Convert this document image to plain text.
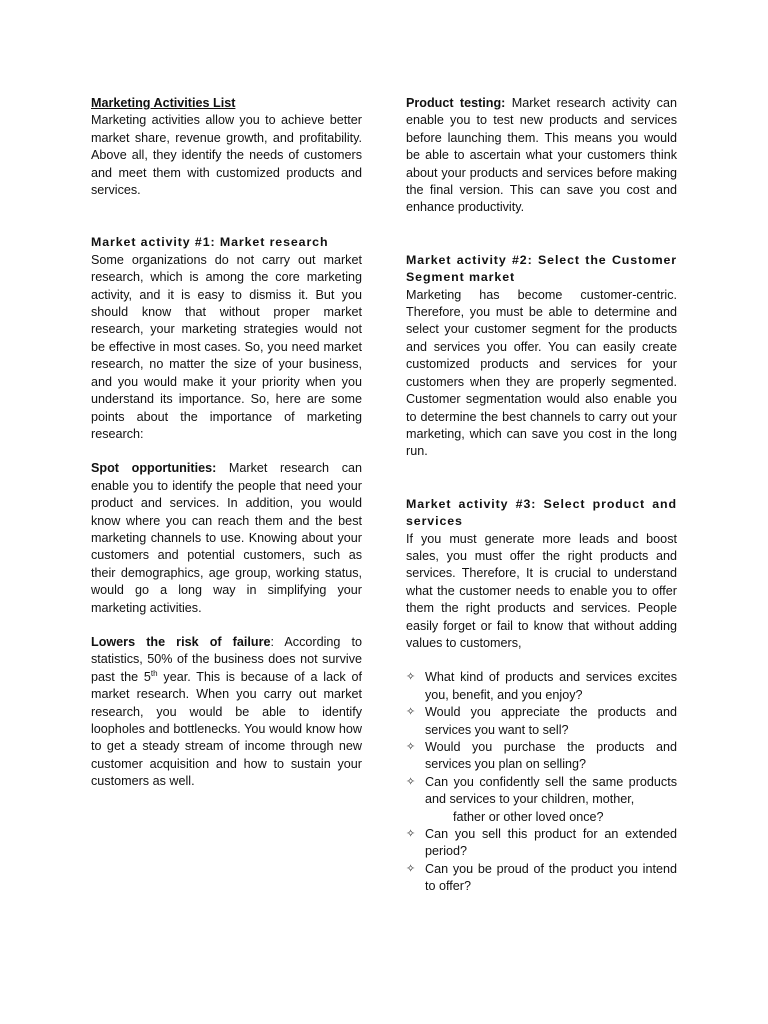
Marketing Activities List

Marketing activities allow you to achieve better market share, revenue growth, and profitability. Above all, they identify the needs of customers and meet them with customized products and services.

Market activity #1: Market research

Some organizations do not carry out market research, which is among the core marketing activity, and it is easy to dismiss it. But you should know that without proper market research, your marketing strategies would not be effective in most cases. So, you need market research, no matter the size of your business, and you would make it your priority when you understand its importance. So, here are some points about the importance of marketing research:

Spot opportunities: Market research can enable you to identify the people that need your product and services. In addition, you would know where you can reach them and the best marketing channels to use. Knowing about your customers and potential customers, such as their demographics, age group, working status, would go a long way in simplifying your marketing activities.

Lowers the risk of failure: According to statistics, 50% of the business does not survive past the 5th year. This is because of a lack of market research. When you carry out market research, you would be able to identify loopholes and bottlenecks. You would know how to get a steady stream of income through new customer acquisition and how to sustain your customers as well.

Product testing: Market research activity can enable you to test new products and services before launching them. This means you would be able to ascertain what your customers think about your products and services before making the final version. This can save you cost and enhance productivity.

Market activity #2: Select the Customer Segment market

Marketing has become customer-centric. Therefore, you must be able to determine and select your customer segment for the products and services you offer. You can easily create customized products and services for your customers when they are properly segmented. Customer segmentation would also enable you to determine the best channels to carry out your marketing, which can save you cost in the long run.

Market activity #3: Select product and services

If you must generate more leads and boost sales, you must offer the right products and services. Therefore, It is crucial to understand what the customer needs to enable you to offer them the right products and services. People easily forget or fail to know that without adding values to customers,

✧ What kind of products and services excites you, benefit, and you enjoy?
✧ Would you appreciate the products and services you want to sell?
✧ Would you purchase the products and services you plan on selling?
✧ Can you confidently sell the same products and services to your children, mother,
father or other loved once?
✧ Can you sell this product for an extended period?
✧ Can you be proud of the product you intend to offer?
